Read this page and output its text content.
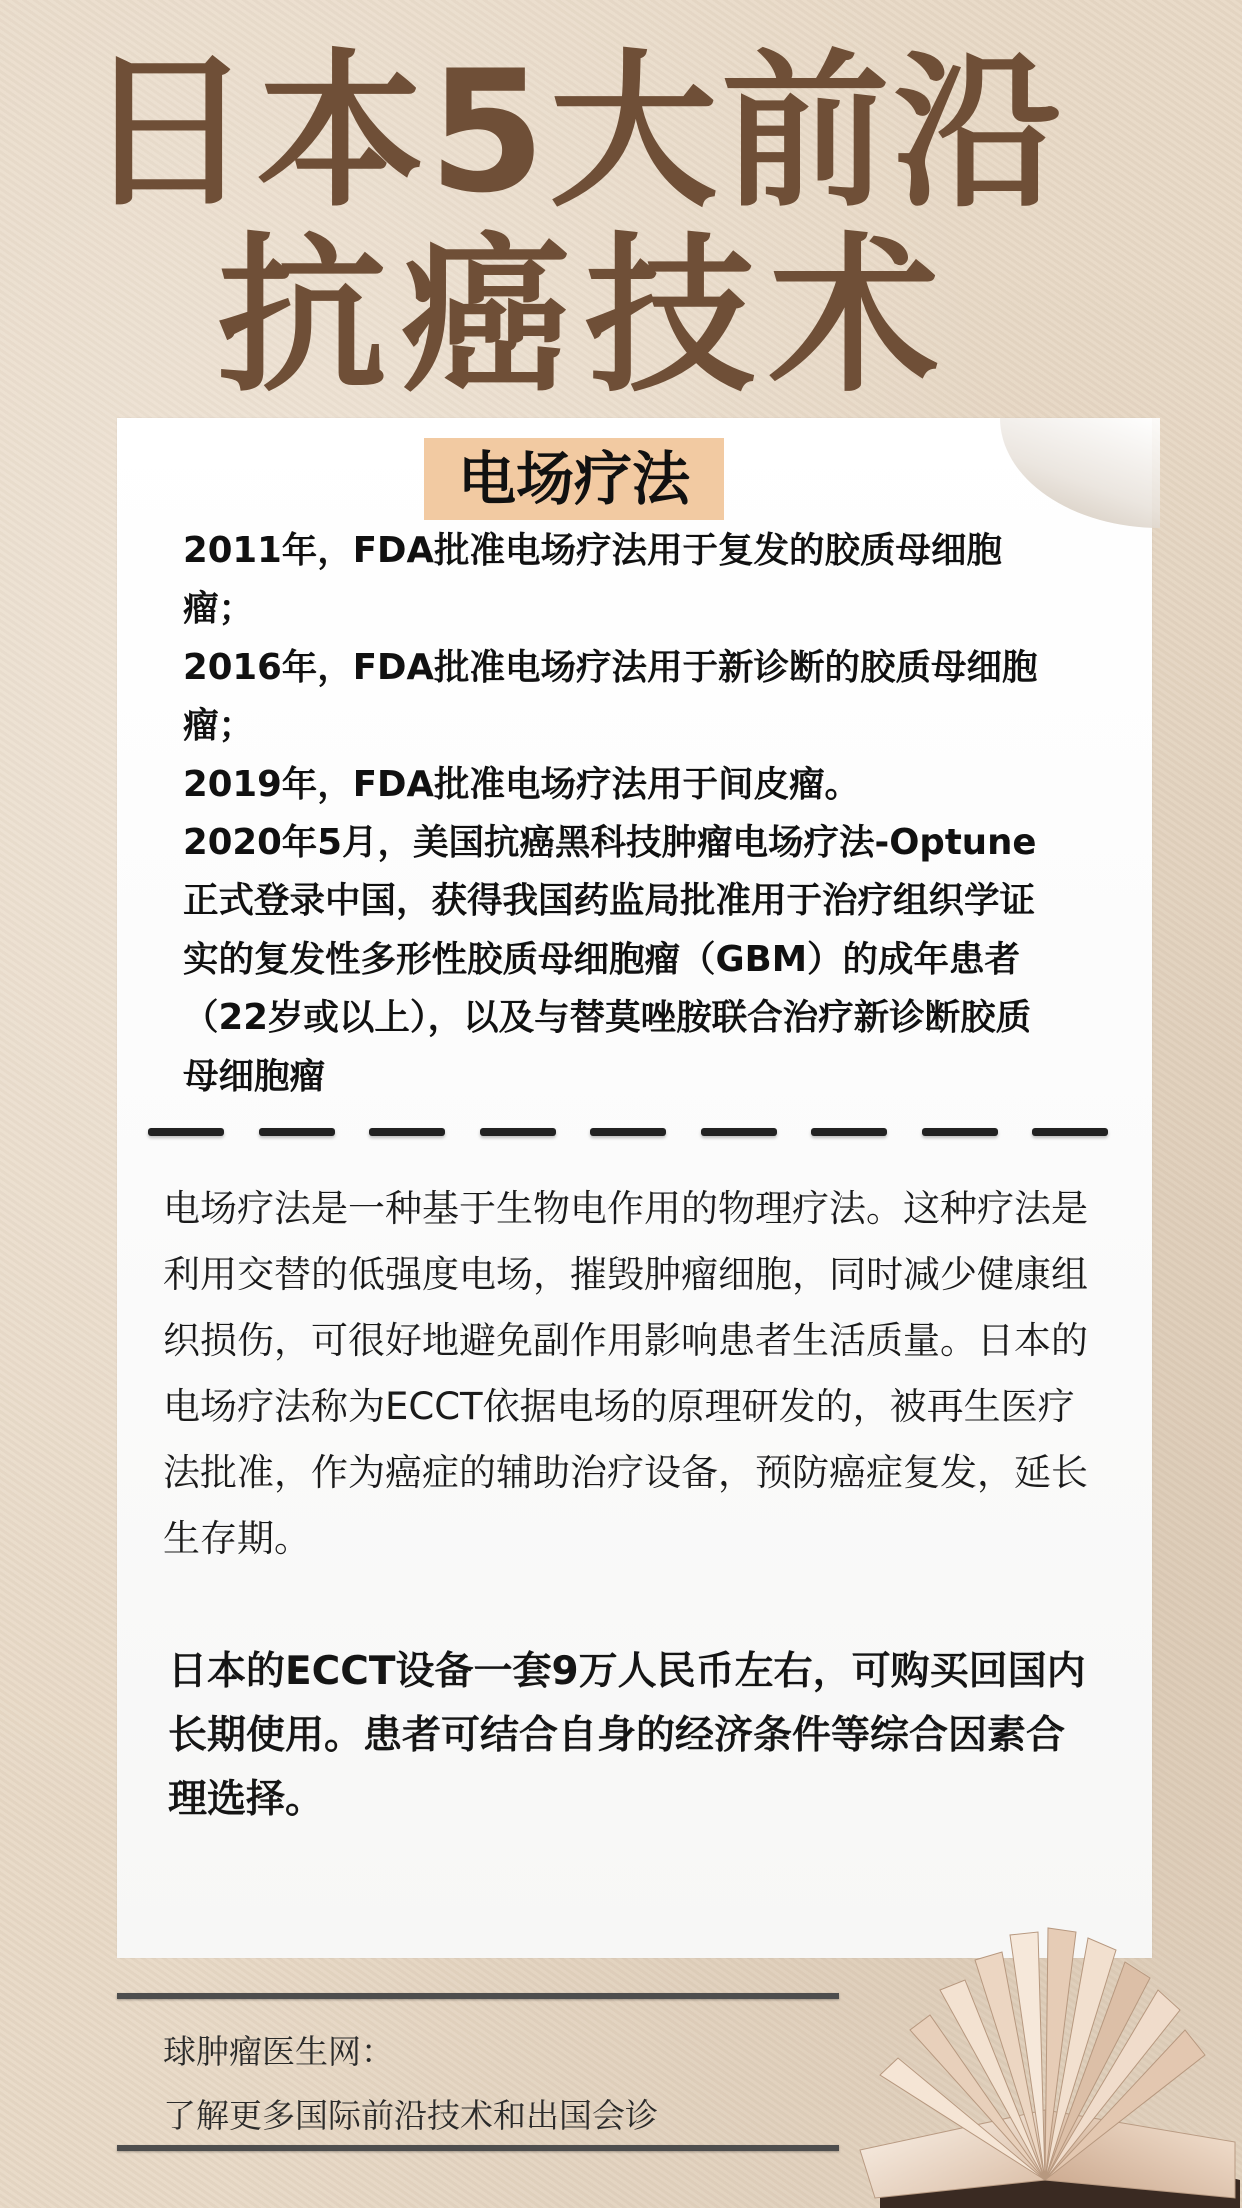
日本5大前沿
抗癌技术
电场疗法

2011年，FDA批准电场疗法用于复发的胶质母细胞瘤；

2016年，FDA批准电场疗法用于新诊断的胶质母细胞瘤；

2019年，FDA批准电场疗法用于间皮瘤。

2020年5月，美国抗癌黑科技肿瘤电场疗法-Optune正式登录中国，获得我国药监局批准用于治疗组织学证实的复发性多形性胶质母细胞瘤（GBM）的成年患者（22岁或以上），以及与替莫唑胺联合治疗新诊断胶质母细胞瘤

电场疗法是一种基于生物电作用的物理疗法。这种疗法是利用交替的低强度电场，摧毁肿瘤细胞，同时减少健康组织损伤，可很好地避免副作用影响患者生活质量。日本的电场疗法称为ECCT依据电场的原理研发的，被再生医疗法批准，作为癌症的辅助治疗设备，预防癌症复发，延长生存期。

日本的ECCT设备一套9万人民币左右，可购买回国内长期使用。患者可结合自身的经济条件等综合因素合理选择。

球肿瘤医生网：

了解更多国际前沿技术和出国会诊
